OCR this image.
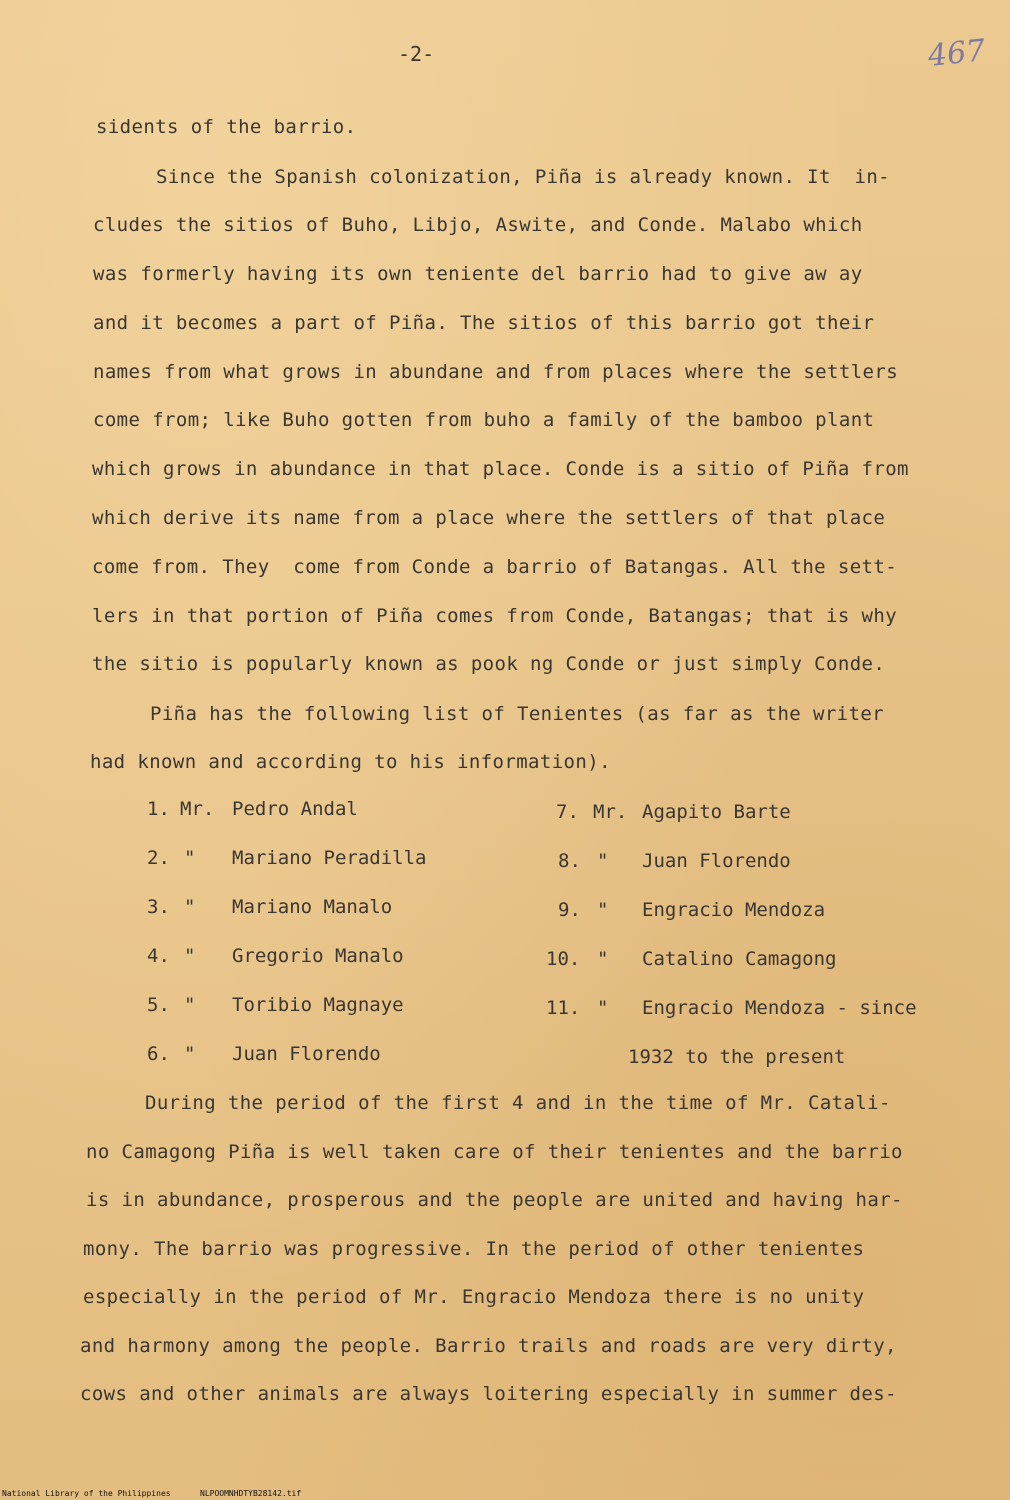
-2-	467
sidents of the barrio.
Since the Spanish colonization, Piña is already known. It  in-
cludes the sitios of Buho, Libjo, Aswite, and Conde. Malabo which
was formerly having its own teniente del barrio had to give aw ay
and it becomes a part of Piña. The sitios of this barrio got their
names from what grows in abundane and from places where the settlers
come from; like Buho gotten from buho a family of the bamboo plant
which grows in abundance in that place. Conde is a sitio of Piña from
which derive its name from a place where the settlers of that place
come from. They  come from Conde a barrio of Batangas. All the sett-
lers in that portion of Piña comes from Conde, Batangas; that is why
the sitio is popularly known as pook ng Conde or just simply Conde.
Piña has the following list of Tenientes (as far as the writer
had known and according to his information).
1. Mr. Pedro Andal
2. " Mariano Peradilla
3. " Mariano Manalo
4. " Gregorio Manalo
5. " Toribio Magnaye
6. " Juan Florendo
7. Mr. Agapito Barte
8. " Juan Florendo
9. " Engracio Mendoza
10. " Catalino Camagong
11. " Engracio Mendoza - since
1932 to the present
During the period of the first 4 and in the time of Mr. Catali-
no Camagong Piña is well taken care of their tenientes and the barrio
is in abundance, prosperous and the people are united and having har-
mony. The barrio was progressive. In the period of other tenientes
especially in the period of Mr. Engracio Mendoza there is no unity
and harmony among the people. Barrio trails and roads are very dirty,
cows and other animals are always loitering especially in summer des-
National Library of the Philippines	NLPOOMNHDTYB28142.tif
